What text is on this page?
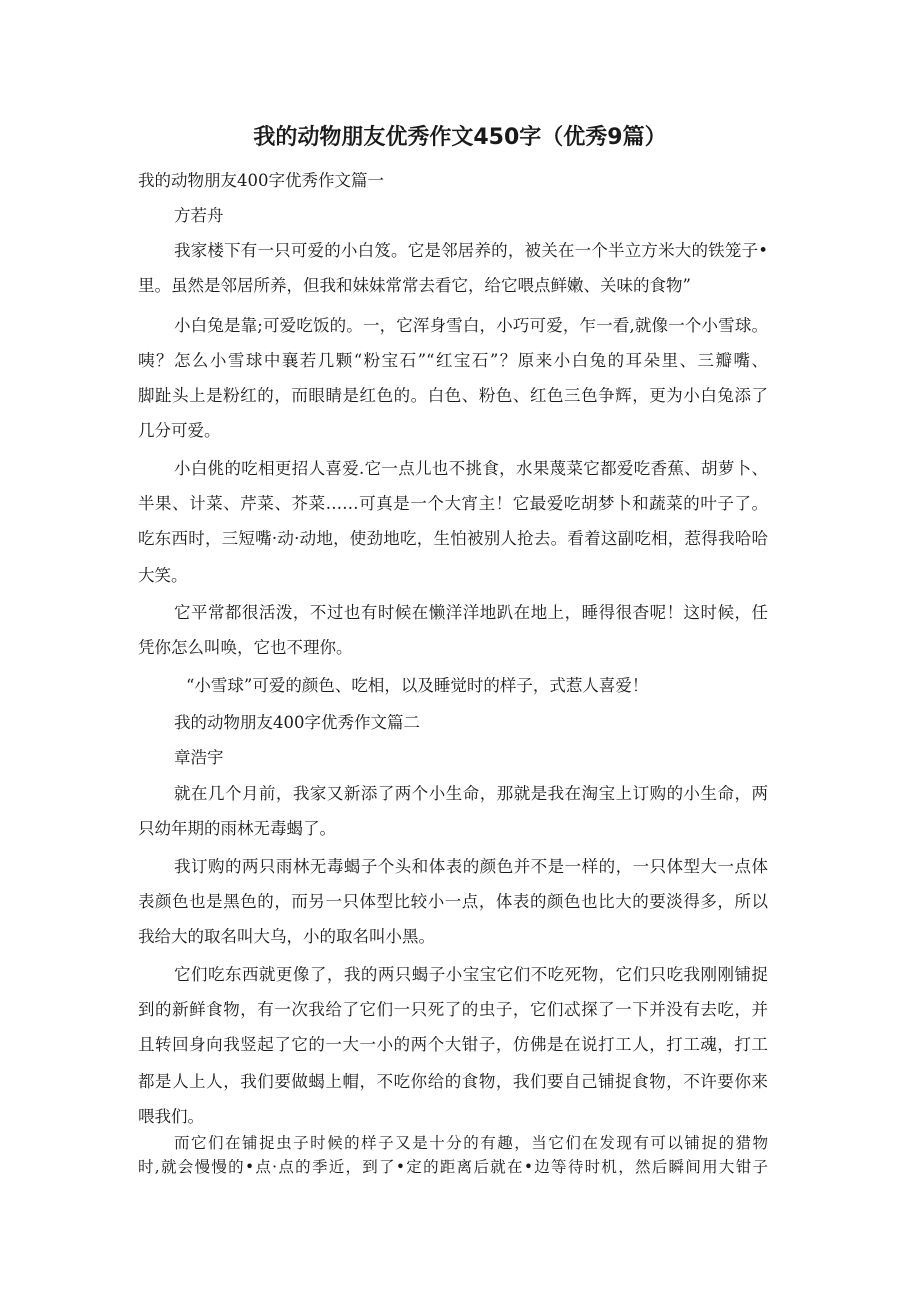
我的动物朋友优秀作文450字（优秀9篇）
我的动物朋友400字优秀作文篇一
方若舟
我家楼下有一只可爱的小白笈。它是邻居养的，被关在一个半立方米大的铁笼子•
里。虽然是邻居所养，但我和妹妹常常去看它，给它喂点鲜嫩、关味的食物”
小白兔是靠;可爱吃饭的。一，它浑身雪白，小巧可爱，乍一看,就像一个小雪球。
咦？怎么小雪球中襄若几颗“粉宝石”“红宝石”？原来小白兔的耳朵里、三瓣嘴、
脚趾头上是粉红的，而眼睛是红色的。白色、粉色、红色三色争辉，更为小白兔添了
几分可爱。
小白佻的吃相更招人喜爱.它一点儿也不挑食，水果蔑菜它都爱吃香蕉、胡萝卜、
半果、计菜、芹菜、芥菜……可真是一个大宵主！它最爱吃胡梦卜和蔬菜的叶子了。
吃东西时，三短嘴·动·动地，使劲地吃，生怕被别人抢去。看着这副吃相，惹得我哈哈
大笑。
它平常都很活泼，不过也有时候在懒洋洋地趴在地上，睡得很杳呢！这时候，任
凭你怎么叫唤，它也不理你。
“小雪球”可爱的颜色、吃相，以及睡觉时的样子，式惹人喜爱！
我的动物朋友400字优秀作文篇二
章浩宇
就在几个月前，我家又新添了两个小生命，那就是我在淘宝上订购的小生命，两
只幼年期的雨林无毒蝎了。
我订购的两只雨林无毒蝎子个头和体表的颜色并不是一样的，一只体型大一点体
表颜色也是黑色的，而另一只体型比较小一点，体表的颜色也比大的要淡得多，所以
我给大的取名叫大乌，小的取名叫小黑。
它们吃东西就更像了，我的两只蝎子小宝宝它们不吃死物，它们只吃我刚刚铺捉
到的新鲜食物，有一次我给了它们一只死了的虫子，它们忒探了一下并没有去吃，并
且转回身向我竖起了它的一大一小的两个大钳子，仿佛是在说打工人，打工魂，打工
都是人上人，我们要做蝎上帽，不吃你给的食物，我们要自己铺捉食物，不许要你来
喂我们。
而它们在铺捉虫子时候的样子又是十分的有趣，当它们在发现有可以铺捉的猎物
时,就会慢慢的•点·点的季近，到了•定的距离后就在•边等待时机，然后瞬间用大钳子
